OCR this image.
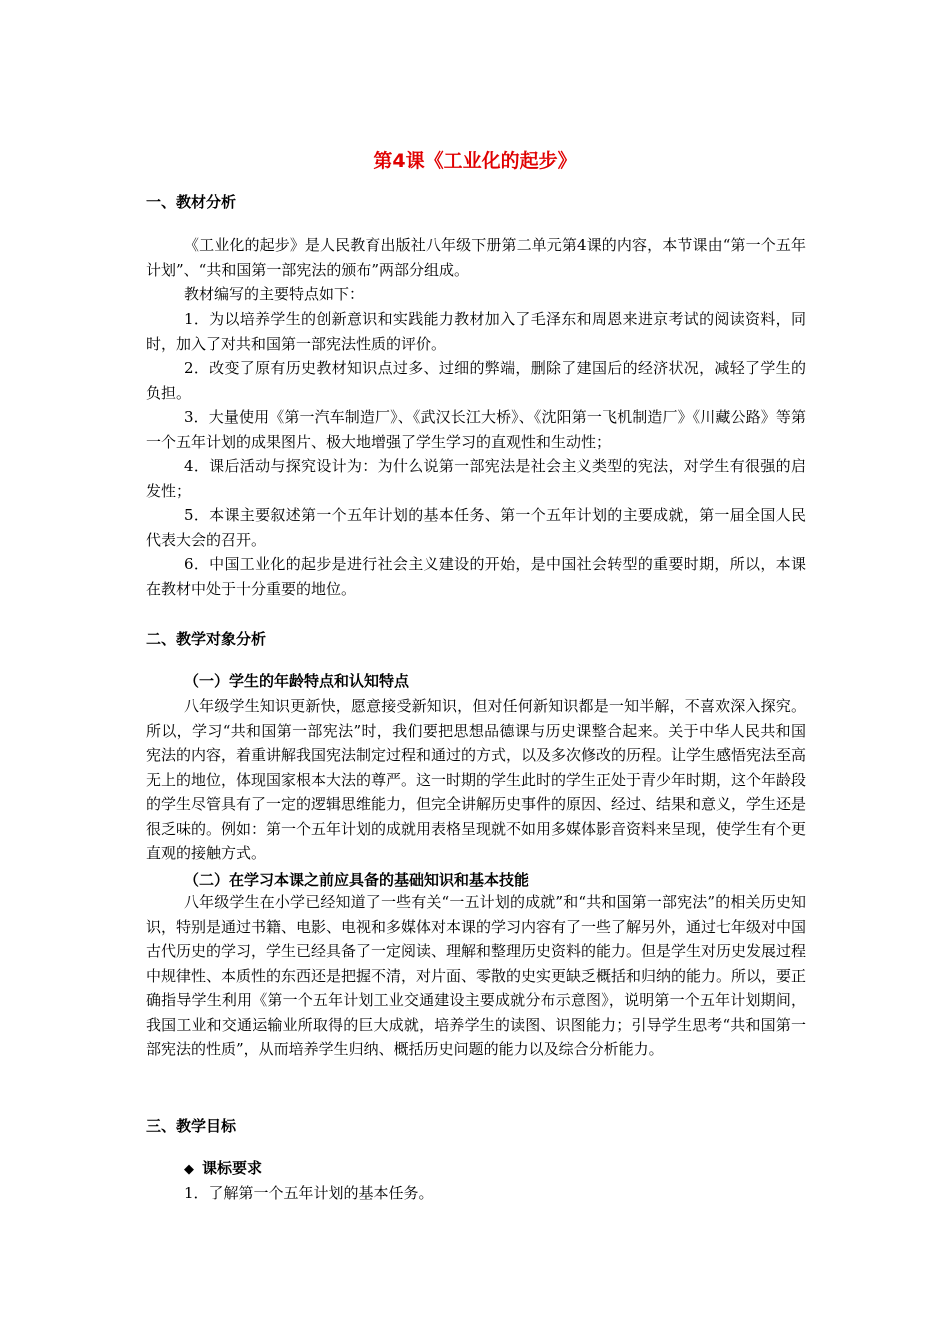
第4课《工业化的起步》
一、教材分析

《工业化的起步》是人民教育出版社八年级下册第二单元第4课的内容，本节课由“第一个五年计划”、“共和国第一部宪法的颁布”两部分组成。

教材编写的主要特点如下：

1．为以培养学生的创新意识和实践能力教材加入了毛泽东和周恩来进京考试的阅读资料，同时，加入了对共和国第一部宪法性质的评价。

2．改变了原有历史教材知识点过多、过细的弊端，删除了建国后的经济状况，减轻了学生的负担。

3．大量使用《第一汽车制造厂》、《武汉长江大桥》、《沈阳第一飞机制造厂》《川藏公路》等第一个五年计划的成果图片、极大地增强了学生学习的直观性和生动性；

4．课后活动与探究设计为：为什么说第一部宪法是社会主义类型的宪法，对学生有很强的启发性；

5．本课主要叙述第一个五年计划的基本任务、第一个五年计划的主要成就，第一届全国人民代表大会的召开。

6．中国工业化的起步是进行社会主义建设的开始，是中国社会转型的重要时期，所以，本课在教材中处于十分重要的地位。

二、教学对象分析
（一）学生的年龄特点和认知特点

八年级学生知识更新快，愿意接受新知识，但对任何新知识都是一知半解，不喜欢深入探究。所以，学习“共和国第一部宪法”时，我们要把思想品德课与历史课整合起来。关于中华人民共和国宪法的内容，着重讲解我国宪法制定过程和通过的方式，以及多次修改的历程。让学生感悟宪法至高无上的地位，体现国家根本大法的尊严。这一时期的学生此时的学生正处于青少年时期，这个年龄段的学生尽管具有了一定的逻辑思维能力，但完全讲解历史事件的原因、经过、结果和意义，学生还是很乏味的。例如：第一个五年计划的成就用表格呈现就不如用多媒体影音资料来呈现，使学生有个更直观的接触方式。

（二）在学习本课之前应具备的基础知识和基本技能

八年级学生在小学已经知道了一些有关“一五计划的成就”和“共和国第一部宪法”的相关历史知识，特别是通过书籍、电影、电视和多媒体对本课的学习内容有了一些了解另外，通过七年级对中国古代历史的学习，学生已经具备了一定阅读、理解和整理历史资料的能力。但是学生对历史发展过程中规律性、本质性的东西还是把握不清，对片面、零散的史实更缺乏概括和归纳的能力。所以，要正确指导学生利用《第一个五年计划工业交通建设主要成就分布示意图》，说明第一个五年计划期间，我国工业和交通运输业所取得的巨大成就，培养学生的读图、识图能力；引导学生思考“共和国第一部宪法的性质”，从而培养学生归纳、概括历史问题的能力以及综合分析能力。

三、教学目标
◆ 课标要求

1．了解第一个五年计划的基本任务。
